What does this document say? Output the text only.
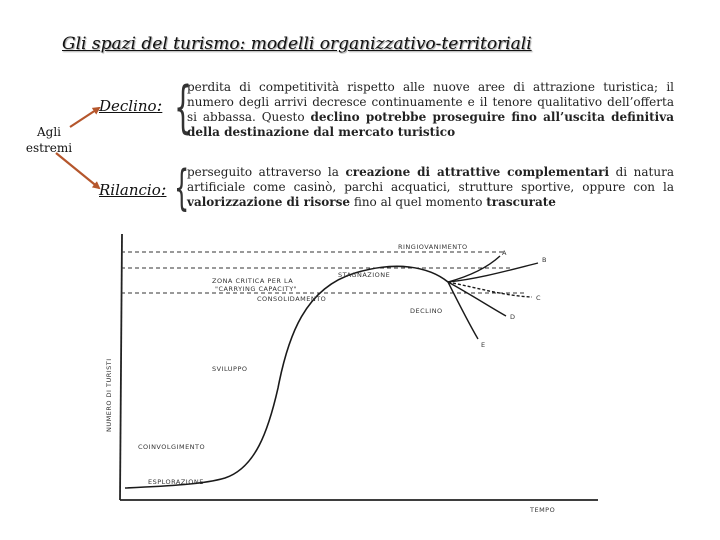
Gli spazi del turismo: modelli organizzativo-territoriali
Agli estremi
Declino: {
perdita di competitività rispetto alle nuove aree di attrazione turistica; il numero degli arrivi decresce continuamente e il tenore qualitativo dell’offerta si abbassa. Questo declino potrebbe proseguire fino all’uscita definitiva della destinazione dal mercato turistico
Rilancio: {
perseguito attraverso la creazione di attrattive complementari di natura artificiale come casinò, parchi acquatici, strutture sportive, oppure con la valorizzazione di risorse fino al quel momento trascurate
RINGIOVANIMENTO
STAGNAZIONE
ZONA CRITICA PER LA
"CARRYING CAPACITY"
CONSOLIDAMENTO
DECLINO
SVILUPPO
COINVOLGIMENTO
ESPLORAZIONE
A
B
C
D
E
NUMERO DI TURISTI
TEMPO
